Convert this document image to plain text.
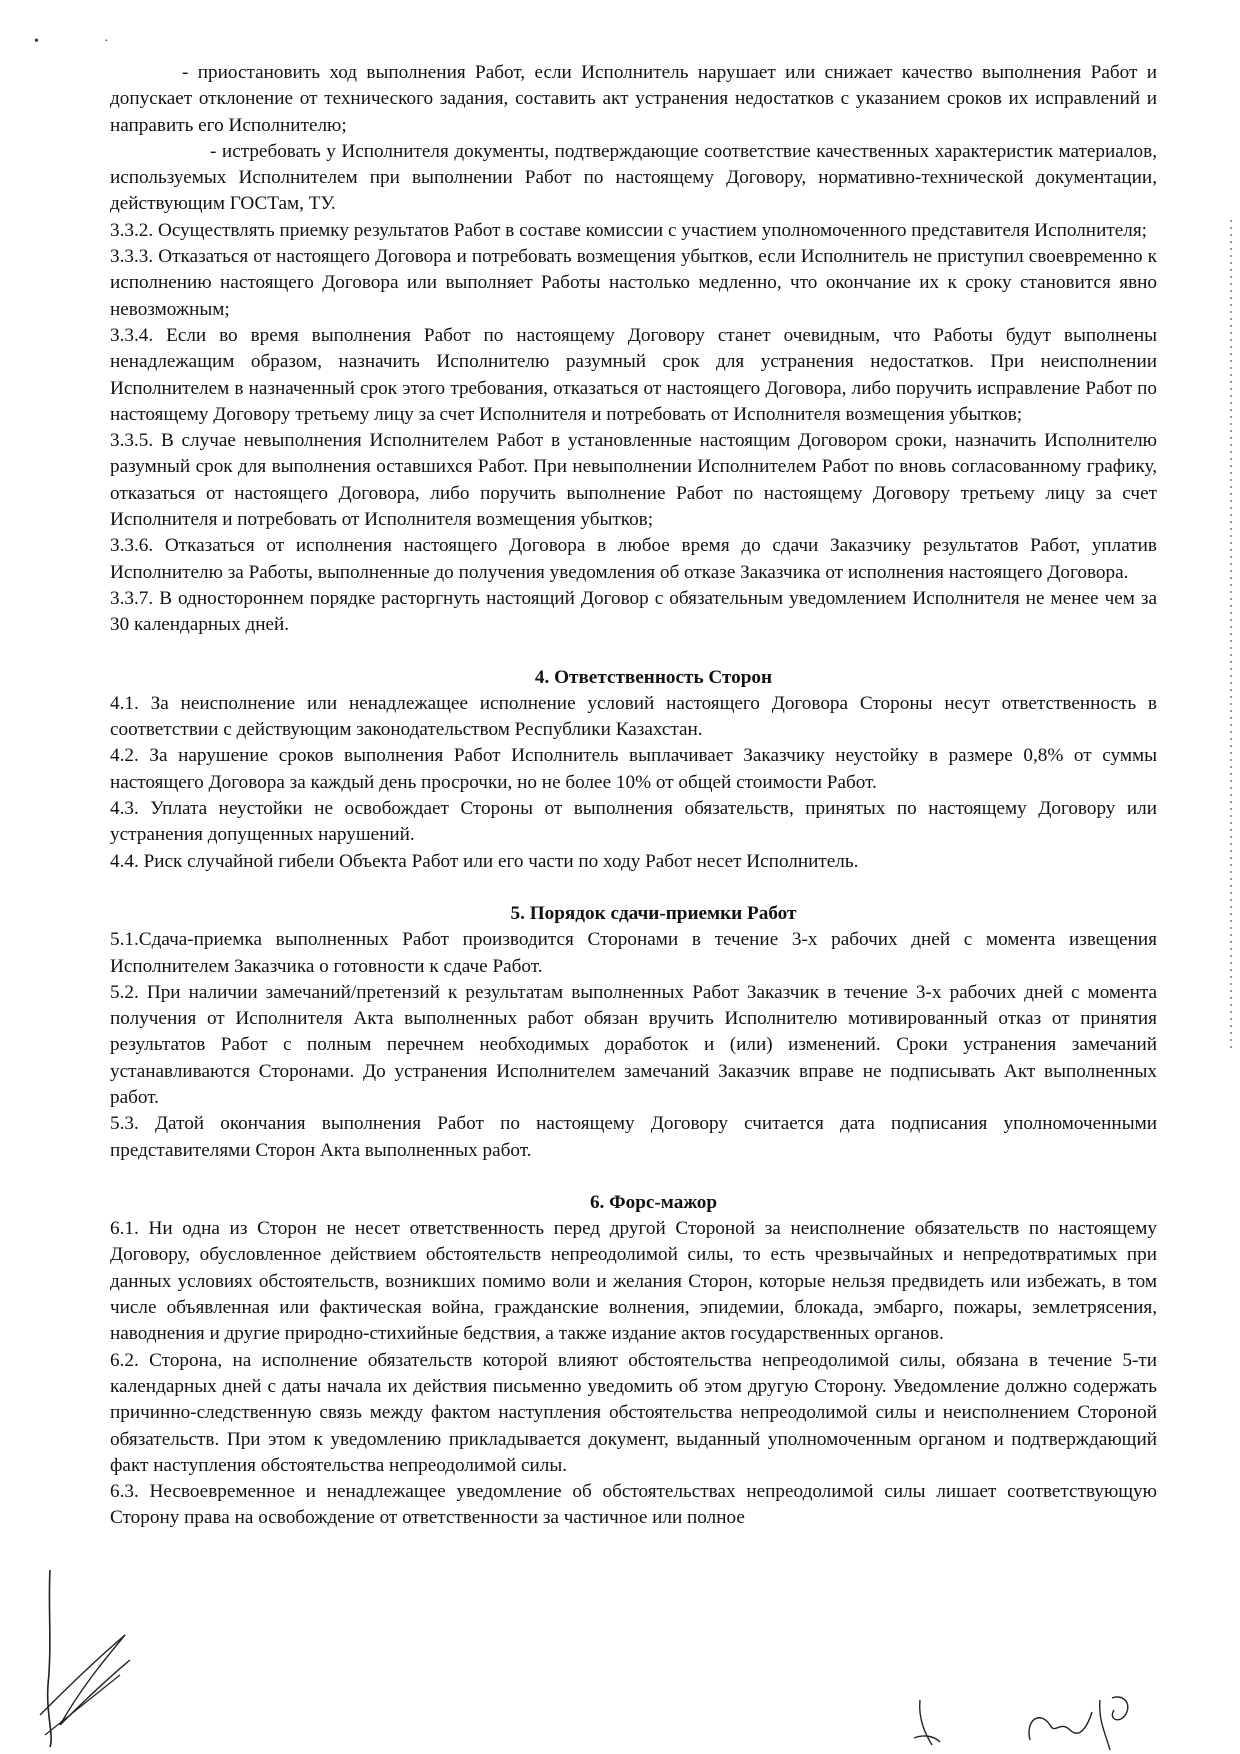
•	·

- приостановить ход выполнения Работ, если Исполнитель нарушает или снижает качество выполнения Работ и допускает отклонение от технического задания, составить акт устранения недостатков с указанием сроков их исправлений и направить его Исполнителю;

- истребовать у Исполнителя документы, подтверждающие соответствие качественных характеристик материалов, используемых Исполнителем при выполнении Работ по настоящему Договору, нормативно-технической документации, действующим ГОСТам, ТУ.

3.3.2. Осуществлять приемку результатов Работ в составе комиссии с участием уполномоченного представителя Исполнителя;

3.3.3. Отказаться от настоящего Договора и потребовать возмещения убытков, если Исполнитель не приступил своевременно к исполнению настоящего Договора или выполняет Работы настолько медленно, что окончание их к сроку становится явно невозможным;

3.3.4. Если во время выполнения Работ по настоящему Договору станет очевидным, что Работы будут выполнены ненадлежащим образом, назначить Исполнителю разумный срок для устранения недостатков. При неисполнении Исполнителем в назначенный срок этого требования, отказаться от настоящего Договора, либо поручить исправление Работ по настоящему Договору третьему лицу за счет Исполнителя и потребовать от Исполнителя возмещения убытков;

3.3.5. В случае невыполнения Исполнителем Работ в установленные настоящим Договором сроки, назначить Исполнителю разумный срок для выполнения оставшихся Работ. При невыполнении Исполнителем Работ по вновь согласованному графику, отказаться от настоящего Договора, либо поручить выполнение Работ по настоящему Договору третьему лицу за счет Исполнителя и потребовать от Исполнителя возмещения убытков;

3.3.6. Отказаться от исполнения настоящего Договора в любое время до сдачи Заказчику результатов Работ, уплатив Исполнителю за Работы, выполненные до получения уведомления об отказе Заказчика от исполнения настоящего Договора.

3.3.7. В одностороннем порядке расторгнуть настоящий Договор с обязательным уведомлением Исполнителя не менее чем за 30 календарных дней.

4. Ответственность Сторон

4.1. За неисполнение или ненадлежащее исполнение условий настоящего Договора Стороны несут ответственность в соответствии с действующим законодательством Республики Казахстан.

4.2. За нарушение сроков выполнения Работ Исполнитель выплачивает Заказчику неустойку в размере 0,8% от суммы настоящего Договора за каждый день просрочки, но не более 10% от общей стоимости Работ.

4.3. Уплата неустойки не освобождает Стороны от выполнения обязательств, принятых по настоящему Договору или устранения допущенных нарушений.

4.4. Риск случайной гибели Объекта Работ или его части по ходу Работ несет Исполнитель.

5. Порядок сдачи-приемки Работ

5.1.Сдача-приемка выполненных Работ производится Сторонами в течение 3-х рабочих дней с момента извещения Исполнителем Заказчика о готовности к сдаче Работ.

5.2. При наличии замечаний/претензий к результатам выполненных Работ Заказчик в течение 3-х рабочих дней с момента получения от Исполнителя Акта выполненных работ обязан вручить Исполнителю мотивированный отказ от принятия результатов Работ с полным перечнем необходимых доработок и (или) изменений. Сроки устранения замечаний устанавливаются Сторонами. До устранения Исполнителем замечаний Заказчик вправе не подписывать Акт выполненных работ.

5.3. Датой окончания выполнения Работ по настоящему Договору считается дата подписания уполномоченными представителями Сторон Акта выполненных работ.

6. Форс-мажор

6.1. Ни одна из Сторон не несет ответственность перед другой Стороной за неисполнение обязательств по настоящему Договору, обусловленное действием обстоятельств непреодолимой силы, то есть чрезвычайных и непредотвратимых при данных условиях обстоятельств, возникших помимо воли и желания Сторон, которые нельзя предвидеть или избежать, в том числе объявленная или фактическая война, гражданские волнения, эпидемии, блокада, эмбарго, пожары, землетрясения, наводнения и другие природно-стихийные бедствия, а также издание актов государственных органов.

6.2. Сторона, на исполнение обязательств которой влияют обстоятельства непреодолимой силы, обязана в течение 5-ти календарных дней с даты начала их действия письменно уведомить об этом другую Сторону. Уведомление должно содержать причинно-следственную связь между фактом наступления обстоятельства непреодолимой силы и неисполнением Стороной обязательств. При этом к уведомлению прикладывается документ, выданный уполномоченным органом и подтверждающий факт наступления обстоятельства непреодолимой силы.

6.3. Несвоевременное и ненадлежащее уведомление об обстоятельствах непреодолимой силы лишает соответствующую Сторону права на освобождение от ответственности за частичное или полное
